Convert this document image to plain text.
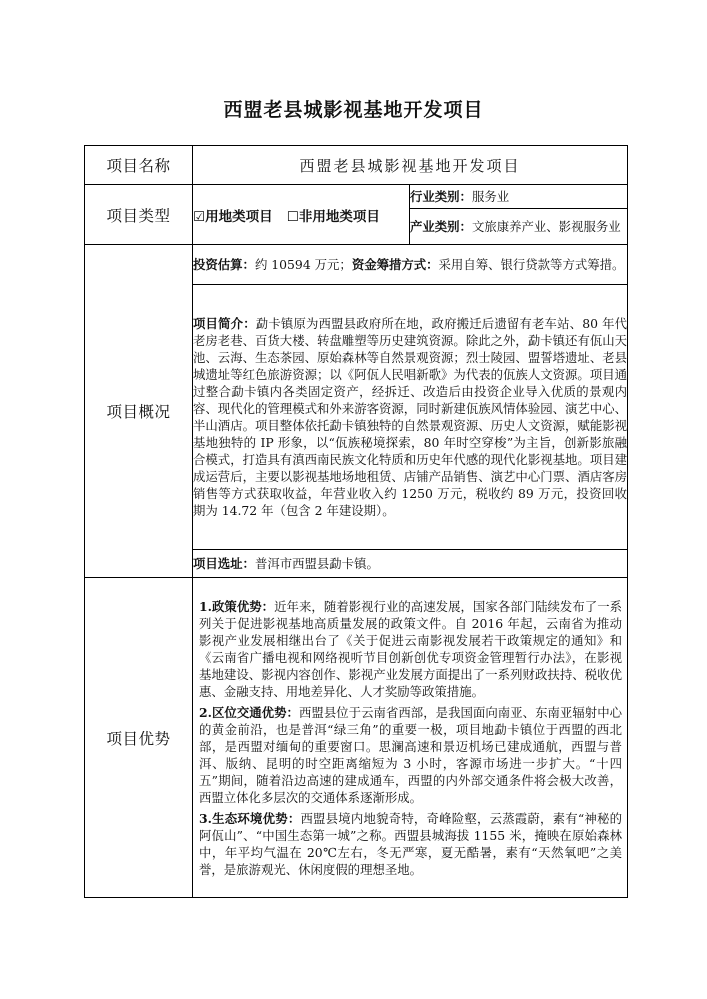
西盟老县城影视基地开发项目
项目名称	西盟老县城影视基地开发项目	
项目类型	☑用地类项目 ☐非用地类项目	行业类别：服务业
		产业类别：文旅康养产业、影视服务业
项目概况	投资估算：约 10594 万元；资金筹措方式：采用自筹、银行贷款等方式筹措。	
	项目简介：勐卡镇原为西盟县政府所在地，政府搬迁后遗留有老车站、80 年代老房老巷、百货大楼、转盘雕塑等历史建筑资源。除此之外，勐卡镇还有佤山天池、云海、生态茶园、原始森林等自然景观资源；烈士陵园、盟誓塔遗址、老县城遗址等红色旅游资源；以《阿佤人民唱新歌》为代表的佤族人文资源。项目通过整合勐卡镇内各类固定资产，经拆迁、改造后由投资企业导入优质的景观内容、现代化的管理模式和外来游客资源，同时新建佤族风情体验园、演艺中心、半山酒店。项目整体依托勐卡镇独特的自然景观资源、历史人文资源，赋能影视基地独特的 IP 形象，以“佤族秘境探索，80 年时空穿梭”为主旨，创新影旅融合模式，打造具有滇西南民族文化特质和历史年代感的现代化影视基地。项目建成运营后，主要以影视基地场地租赁、店铺产品销售、演艺中心门票、酒店客房销售等方式获取收益，年营业收入约 1250 万元，税收约 89 万元，投资回收期为 14.72 年（包含 2 年建设期）。	
	项目选址：普洱市西盟县勐卡镇。	
项目优势	1.政策优势：近年来，随着影视行业的高速发展，国家各部门陆续发布了一系列关于促进影视基地高质量发展的政策文件。自 2016 年起，云南省为推动影视产业发展相继出台了《关于促进云南影视发展若干政策规定的通知》和《云南省广播电视和网络视听节目创新创优专项资金管理暂行办法》，在影视基地建设、影视内容创作、影视产业发展方面提出了一系列财政扶持、税收优惠、金融支持、用地差异化、人才奖励等政策措施。
2.区位交通优势：西盟县位于云南省西部，是我国面向南亚、东南亚辐射中心的黄金前沿，也是普洱“绿三角”的重要一极，项目地勐卡镇位于西盟的西北部，是西盟对缅甸的重要窗口。思澜高速和景迈机场已建成通航，西盟与普洱、版纳、昆明的时空距离缩短为 3 小时，客源市场进一步扩大。“十四五”期间，随着沿边高速的建成通车，西盟的内外部交通条件将会极大改善，西盟立体化多层次的交通体系逐渐形成。
3.生态环境优势：西盟县境内地貌奇特，奇峰险壑，云蒸霞蔚，素有“神秘的阿佤山”、“中国生态第一城”之称。西盟县城海拔 1155 米，掩映在原始森林中，年平均气温在 20℃左右，冬无严寒，夏无酷暑，素有“天然氧吧”之美誉，是旅游观光、休闲度假的理想圣地。	
